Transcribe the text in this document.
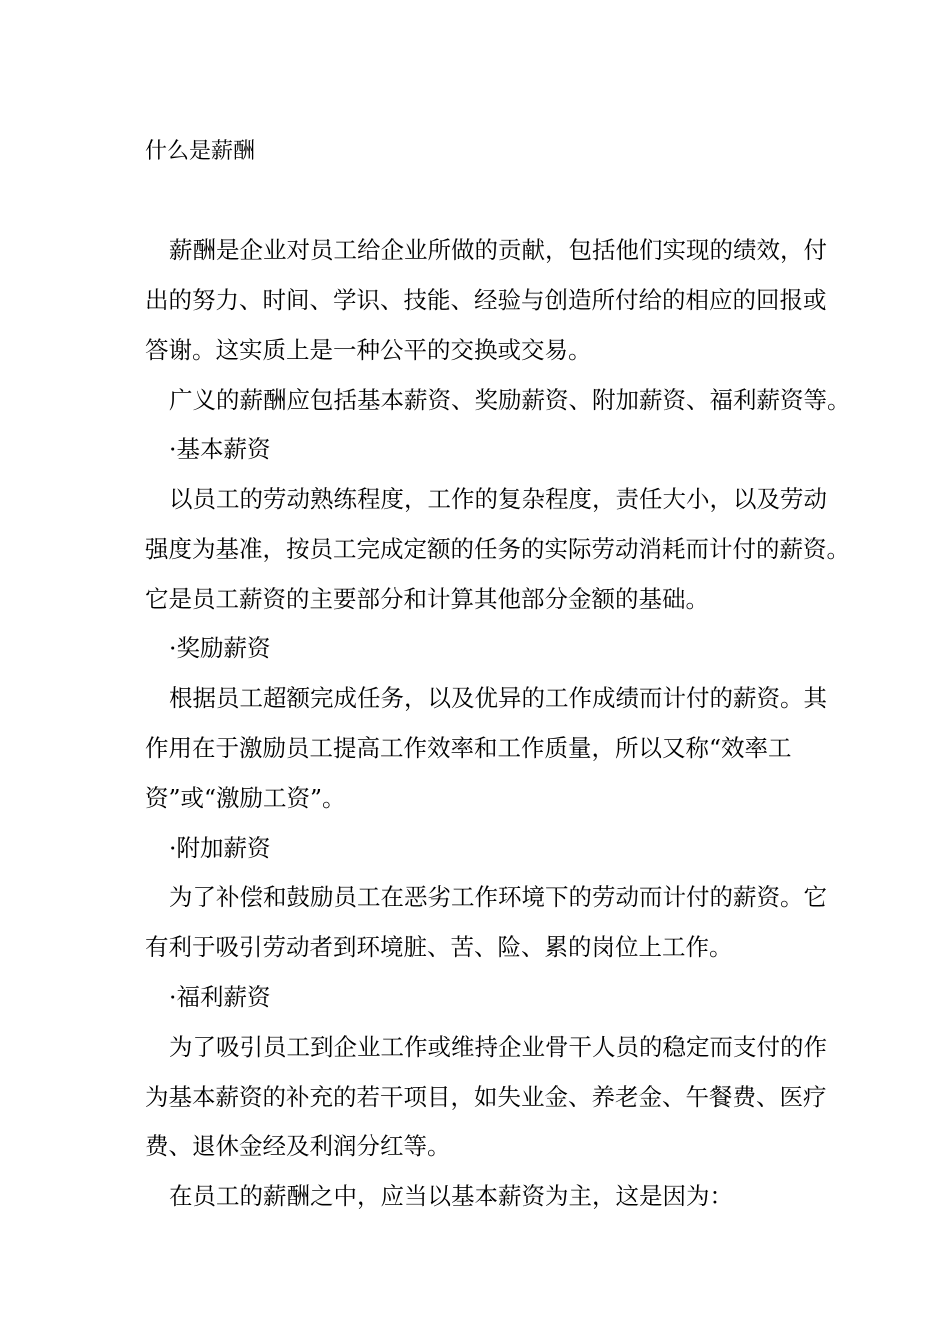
什么是薪酬

薪酬是企业对员工给企业所做的贡献，包括他们实现的绩效，付

出的努力、时间、学识、技能、经验与创造所付给的相应的回报或

答谢。这实质上是一种公平的交换或交易。

广义的薪酬应包括基本薪资、奖励薪资、附加薪资、福利薪资等。

·基本薪资

以员工的劳动熟练程度，工作的复杂程度，责任大小，以及劳动

强度为基准，按员工完成定额的任务的实际劳动消耗而计付的薪资。

它是员工薪资的主要部分和计算其他部分金额的基础。

·奖励薪资

根据员工超额完成任务，以及优异的工作成绩而计付的薪资。其

作用在于激励员工提高工作效率和工作质量，所以又称“效率工

资”或“激励工资”。

·附加薪资

为了补偿和鼓励员工在恶劣工作环境下的劳动而计付的薪资。它

有利于吸引劳动者到环境脏、苦、险、累的岗位上工作。

·福利薪资

为了吸引员工到企业工作或维持企业骨干人员的稳定而支付的作

为基本薪资的补充的若干项目，如失业金、养老金、午餐费、医疗

费、退休金经及利润分红等。

在员工的薪酬之中，应当以基本薪资为主，这是因为：
